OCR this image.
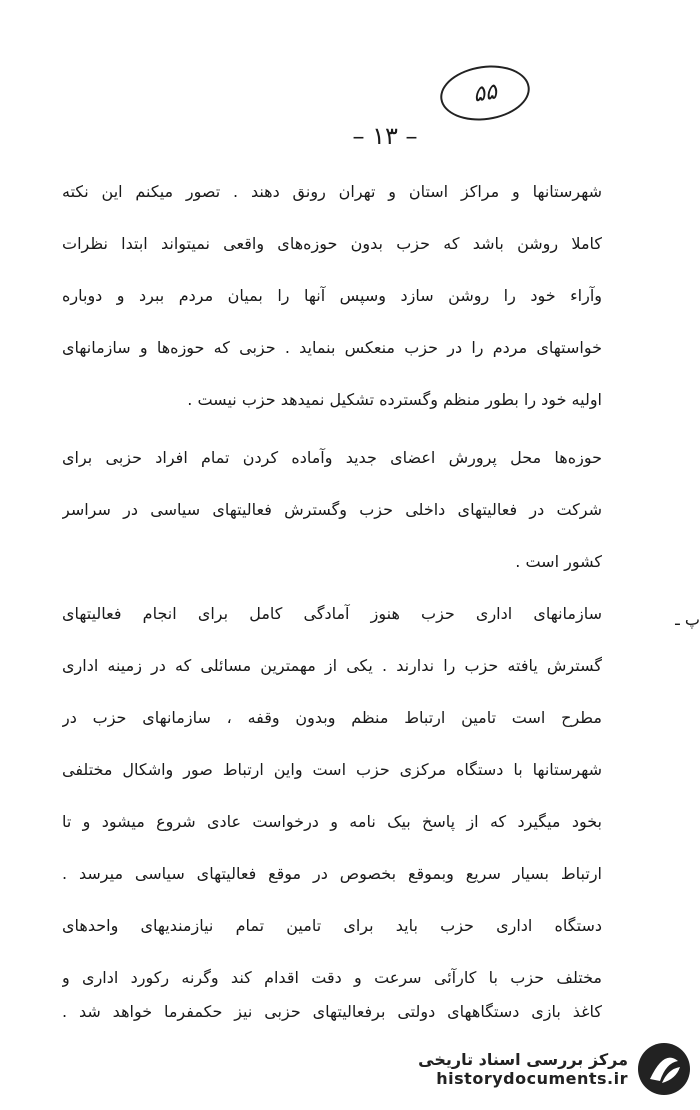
۵۵
– ۱۳ –
پ ـ
شهرستانها و مراکز استان و تهران رونق دهند . تصور میکنم این نکته
کاملا روشن باشد که حزب بدون حوزه‌های واقعی نمیتواند ابتدا نظرات
وآراء خود را روشن سازد وسپس آنها را بمیان مردم ببرد و دوباره
خواستهای مردم را در حزب منعکس بنماید . حزبی که حوزه‌ها و سازمانهای
اولیه خود را بطور منظم وگسترده تشکیل نمیدهد حزب نیست .
حوزه‌ها محل پرورش اعضای جدید وآماده کردن تمام افراد حزبی برای
شرکت در فعالیتهای داخلی حزب وگسترش فعالیتهای سیاسی در سراسر
کشور است .
سازمانهای اداری حزب هنوز آمادگی کامل برای انجام فعالیتهای
گسترش یافته حزب را ندارند . یکی از مهمترین مسائلی که در زمینه اداری
مطرح است تامین ارتباط منظم وبدون وقفه ، سازمانهای حزب در
شهرستانها با دستگاه مرکزی حزب است واین ارتباط صور واشکال مختلفی
بخود میگیرد که از پاسخ بیک نامه و درخواست عادی شروع میشود و تا
ارتباط بسیار سریع وبموقع بخصوص در موقع فعالیتهای سیاسی میرسد .
دستگاه اداری حزب باید برای تامین تمام نیازمندیهای واحدهای
مختلف حزب با کارآئی سرعت و دقت اقدام کند وگرنه رکورد اداری و
کاغذ بازی دستگاههای دولتی برفعالیتهای حزبی نیز حکمفرما خواهد شد .
مرکز بررسی اسناد تاریخی
historydocuments.ir
